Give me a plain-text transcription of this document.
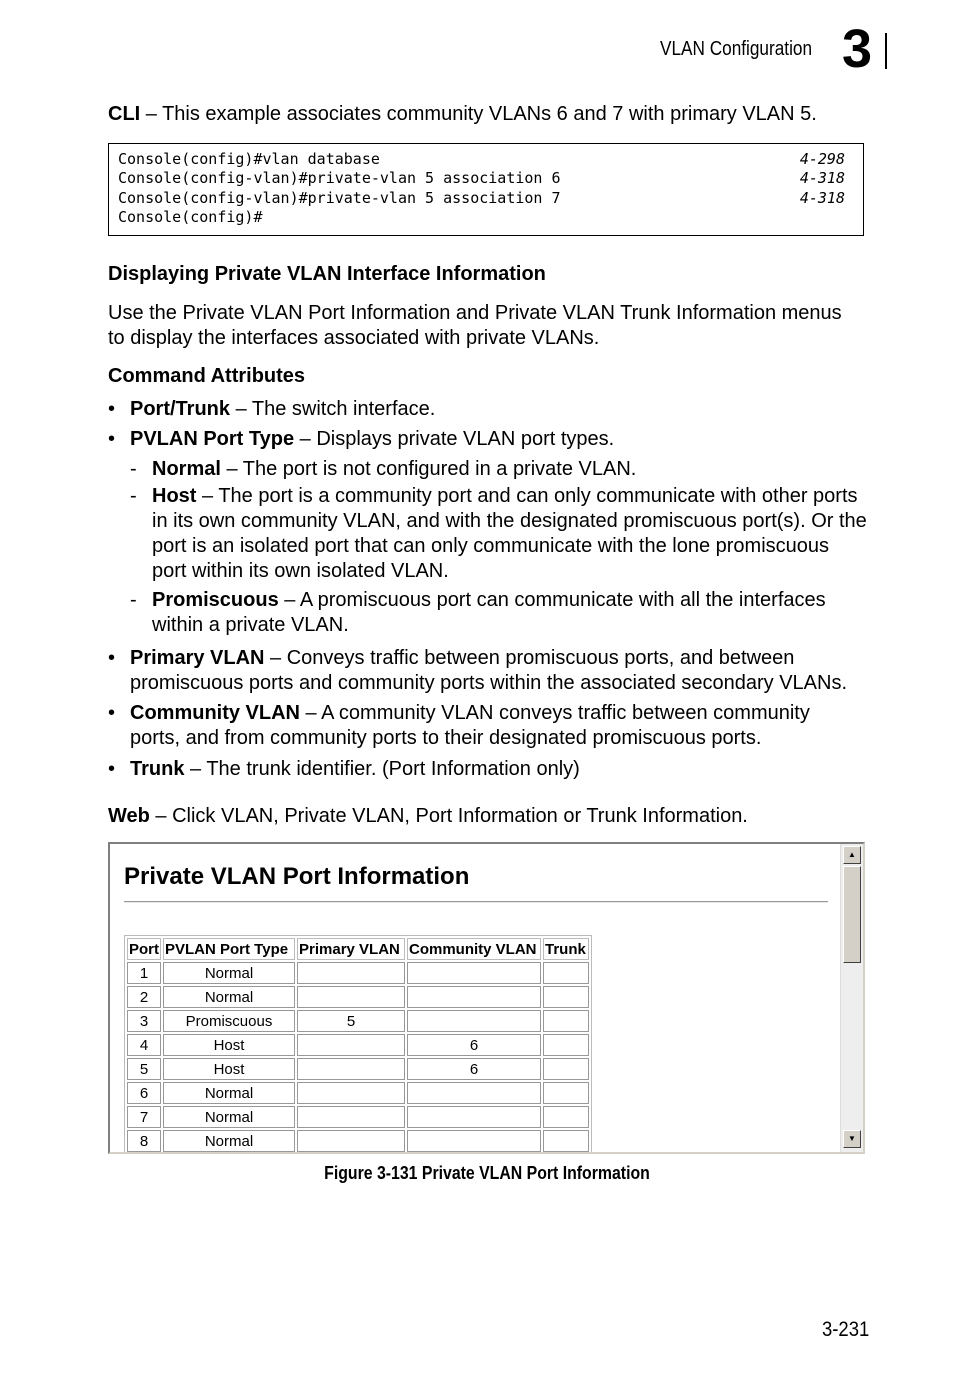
VLAN Configuration 3
CLI – This example associates community VLANs 6 and 7 with primary VLAN 5.
Console(config)#vlan database	4-298
Console(config-vlan)#private-vlan 5 association 6	4-318
Console(config-vlan)#private-vlan 5 association 7	4-318
Console(config)#
Displaying Private VLAN Interface Information
Use the Private VLAN Port Information and Private VLAN Trunk Information menus
to display the interfaces associated with private VLANs.
Command Attributes
• Port/Trunk – The switch interface.
• PVLAN Port Type – Displays private VLAN port types.
- Normal – The port is not configured in a private VLAN.
- Host – The port is a community port and can only communicate with other ports
in its own community VLAN, and with the designated promiscuous port(s). Or the
port is an isolated port that can only communicate with the lone promiscuous
port within its own isolated VLAN.
- Promiscuous – A promiscuous port can communicate with all the interfaces
within a private VLAN.
• Primary VLAN – Conveys traffic between promiscuous ports, and between
promiscuous ports and community ports within the associated secondary VLANs.
• Community VLAN – A community VLAN conveys traffic between community
ports, and from community ports to their designated promiscuous ports.
• Trunk – The trunk identifier. (Port Information only)
Web – Click VLAN, Private VLAN, Port Information or Trunk Information.
Private VLAN Port Information
Port	PVLAN Port Type	Primary VLAN	Community VLAN	Trunk
1	Normal			
2	Normal			
3	Promiscuous	5		
4	Host		6	
5	Host		6	
6	Normal			
7	Normal			
8	Normal			
▲
▼
Figure 3-131 Private VLAN Port Information
3-231
